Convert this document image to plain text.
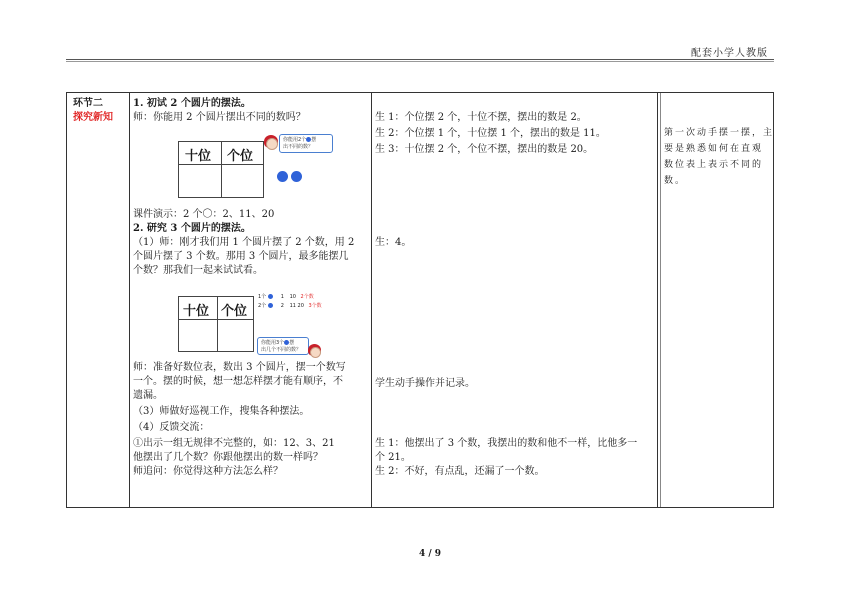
配套小学人教版
环节二
探究新知
1. 初试 2 个圆片的摆法。
师：你能用 2 个圆片摆出不同的数吗？
十位 个位
你能用2个 摆
出不同的数？
课件演示：2 个〇：2、11、20
2. 研究 3 个圆片的摆法。
（1）师：刚才我们用 1 个圆片摆了 2 个数，用 2
个圆片摆了 3 个数。那用 3 个圆片，最多能摆几
个数？那我们一起来试试看。
十位 个位
1个	1 10 2个数
2个	2 11 20 3个数
你能用3个 摆
出几个不同的数？
师：准备好数位表，数出 3 个圆片，摆一个数写
一个。摆的时候，想一想怎样摆才能有顺序，不
遗漏。
（3）师做好巡视工作，搜集各种摆法。
（4）反馈交流：
①出示一组无规律不完整的，如：12、3、21
他摆出了几个数？你跟他摆出的数一样吗？
师追问：你觉得这种方法怎么样？
生 1：个位摆 2 个，十位不摆，摆出的数是 2。
生 2：个位摆 1 个，十位摆 1 个，摆出的数是 11。
生 3：十位摆 2 个，个位不摆，摆出的数是 20。
生：4。
学生动手操作并记录。
生 1：他摆出了 3 个数，我摆出的数和他不一样，比他多一
个 21。
生 2：不好，有点乱，还漏了一个数。
第一次动手摆一摆，主
要是熟悉如何在直观
数位表上表示不同的
数。
4 / 9
